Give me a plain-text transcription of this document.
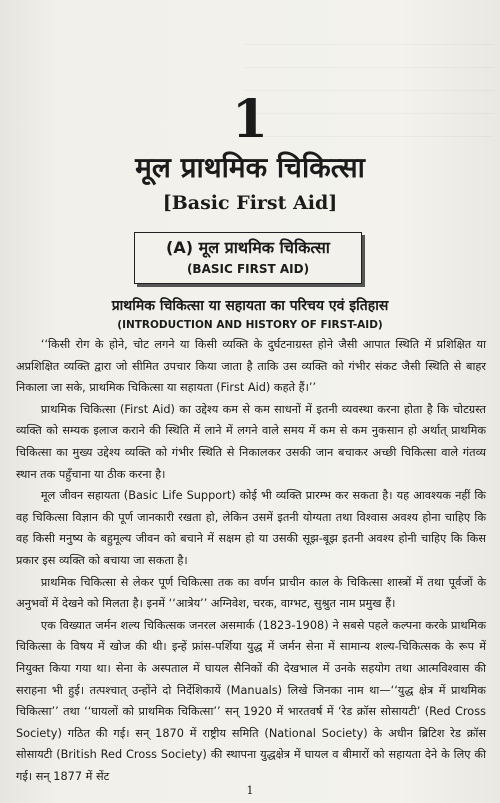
1
मूल प्राथमिक चिकित्सा
[Basic First Aid]
(A) मूल प्राथमिक चिकित्सा
(BASIC FIRST AID)
प्राथमिक चिकित्सा या सहायता का परिचय एवं इतिहास
(INTRODUCTION AND HISTORY OF FIRST-AID)

‘‘किसी रोग के होने, चोट लगने या किसी व्यक्ति के दुर्घटनाग्रस्त होने जैसी आपात स्थिति में प्रशिक्षित या अप्रशिक्षित व्यक्ति द्वारा जो सीमित उपचार किया जाता है ताकि उस व्यक्ति को गंभीर संकट जैसी स्थिति से बाहर निकाला जा सके, प्राथमिक चिकित्सा या सहायता (First Aid) कहते हैं।’’

प्राथमिक चिकित्सा (First Aid) का उद्देश्य कम से कम साधनों में इतनी व्यवस्था करना होता है कि चोटग्रस्त व्यक्ति को सम्यक इलाज कराने की स्थिति में लाने में लगने वाले समय में कम से कम नुकसान हो अर्थात् प्राथमिक चिकित्सा का मुख्य उद्देश्य व्यक्ति को गंभीर स्थिति से निकालकर उसकी जान बचाकर अच्छी चिकित्सा वाले गंतव्य स्थान तक पहुँचाना या ठीक करना है।

मूल जीवन सहायता (Basic Life Support) कोई भी व्यक्ति प्रारम्भ कर सकता है। यह आवश्यक नहीं कि वह चिकित्सा विज्ञान की पूर्ण जानकारी रखता हो, लेकिन उसमें इतनी योग्यता तथा विश्वास अवश्य होना चाहिए कि वह किसी मनुष्य के बहुमूल्य जीवन को बचाने में सक्षम हो या उसकी सूझ-बूझ इतनी अवश्य होनी चाहिए कि किस प्रकार इस व्यक्ति को बचाया जा सकता है।

प्राथमिक चिकित्सा से लेकर पूर्ण चिकित्सा तक का वर्णन प्राचीन काल के चिकित्सा शास्त्रों में तथा पूर्वजों के अनुभवों में देखने को मिलता है। इनमें ‘‘आत्रेय’’ अग्निवेश, चरक, वाग्भट, सुश्रुत नाम प्रमुख हैं।

एक विख्यात जर्मन शल्य चिकित्सक जनरल असमार्क (1823-1908) ने सबसे पहले कल्पना करके प्राथमिक चिकित्सा के विषय में खोज की थी। इन्हें फ्रांस-पर्शिया युद्ध में जर्मन सेना में सामान्य शल्य-चिकित्सक के रूप में नियुक्त किया गया था। सेना के अस्पताल में घायल सैनिकों की देखभाल में उनके सहयोग तथा आत्मविश्वास की सराहना भी हुई। तत्पश्चात् उन्होंने दो निर्देशिकायें (Manuals) लिखे जिनका नाम था—‘‘युद्ध क्षेत्र में प्राथमिक चिकित्सा’’ तथा ‘‘घायलों को प्राथमिक चिकित्सा’’ सन् 1920 में भारतवर्ष में ‘रेड क्रॉस सोसायटी’ (Red Cross Society) गठित की गई। सन् 1870 में राष्ट्रीय समिति (National Society) के अधीन ब्रिटिश रेड क्रॉस सोसायटी (British Red Cross Society) की स्थापना युद्धक्षेत्र में घायल व बीमारों को सहायता देने के लिए की गई। सन् 1877 में सेंट

1
